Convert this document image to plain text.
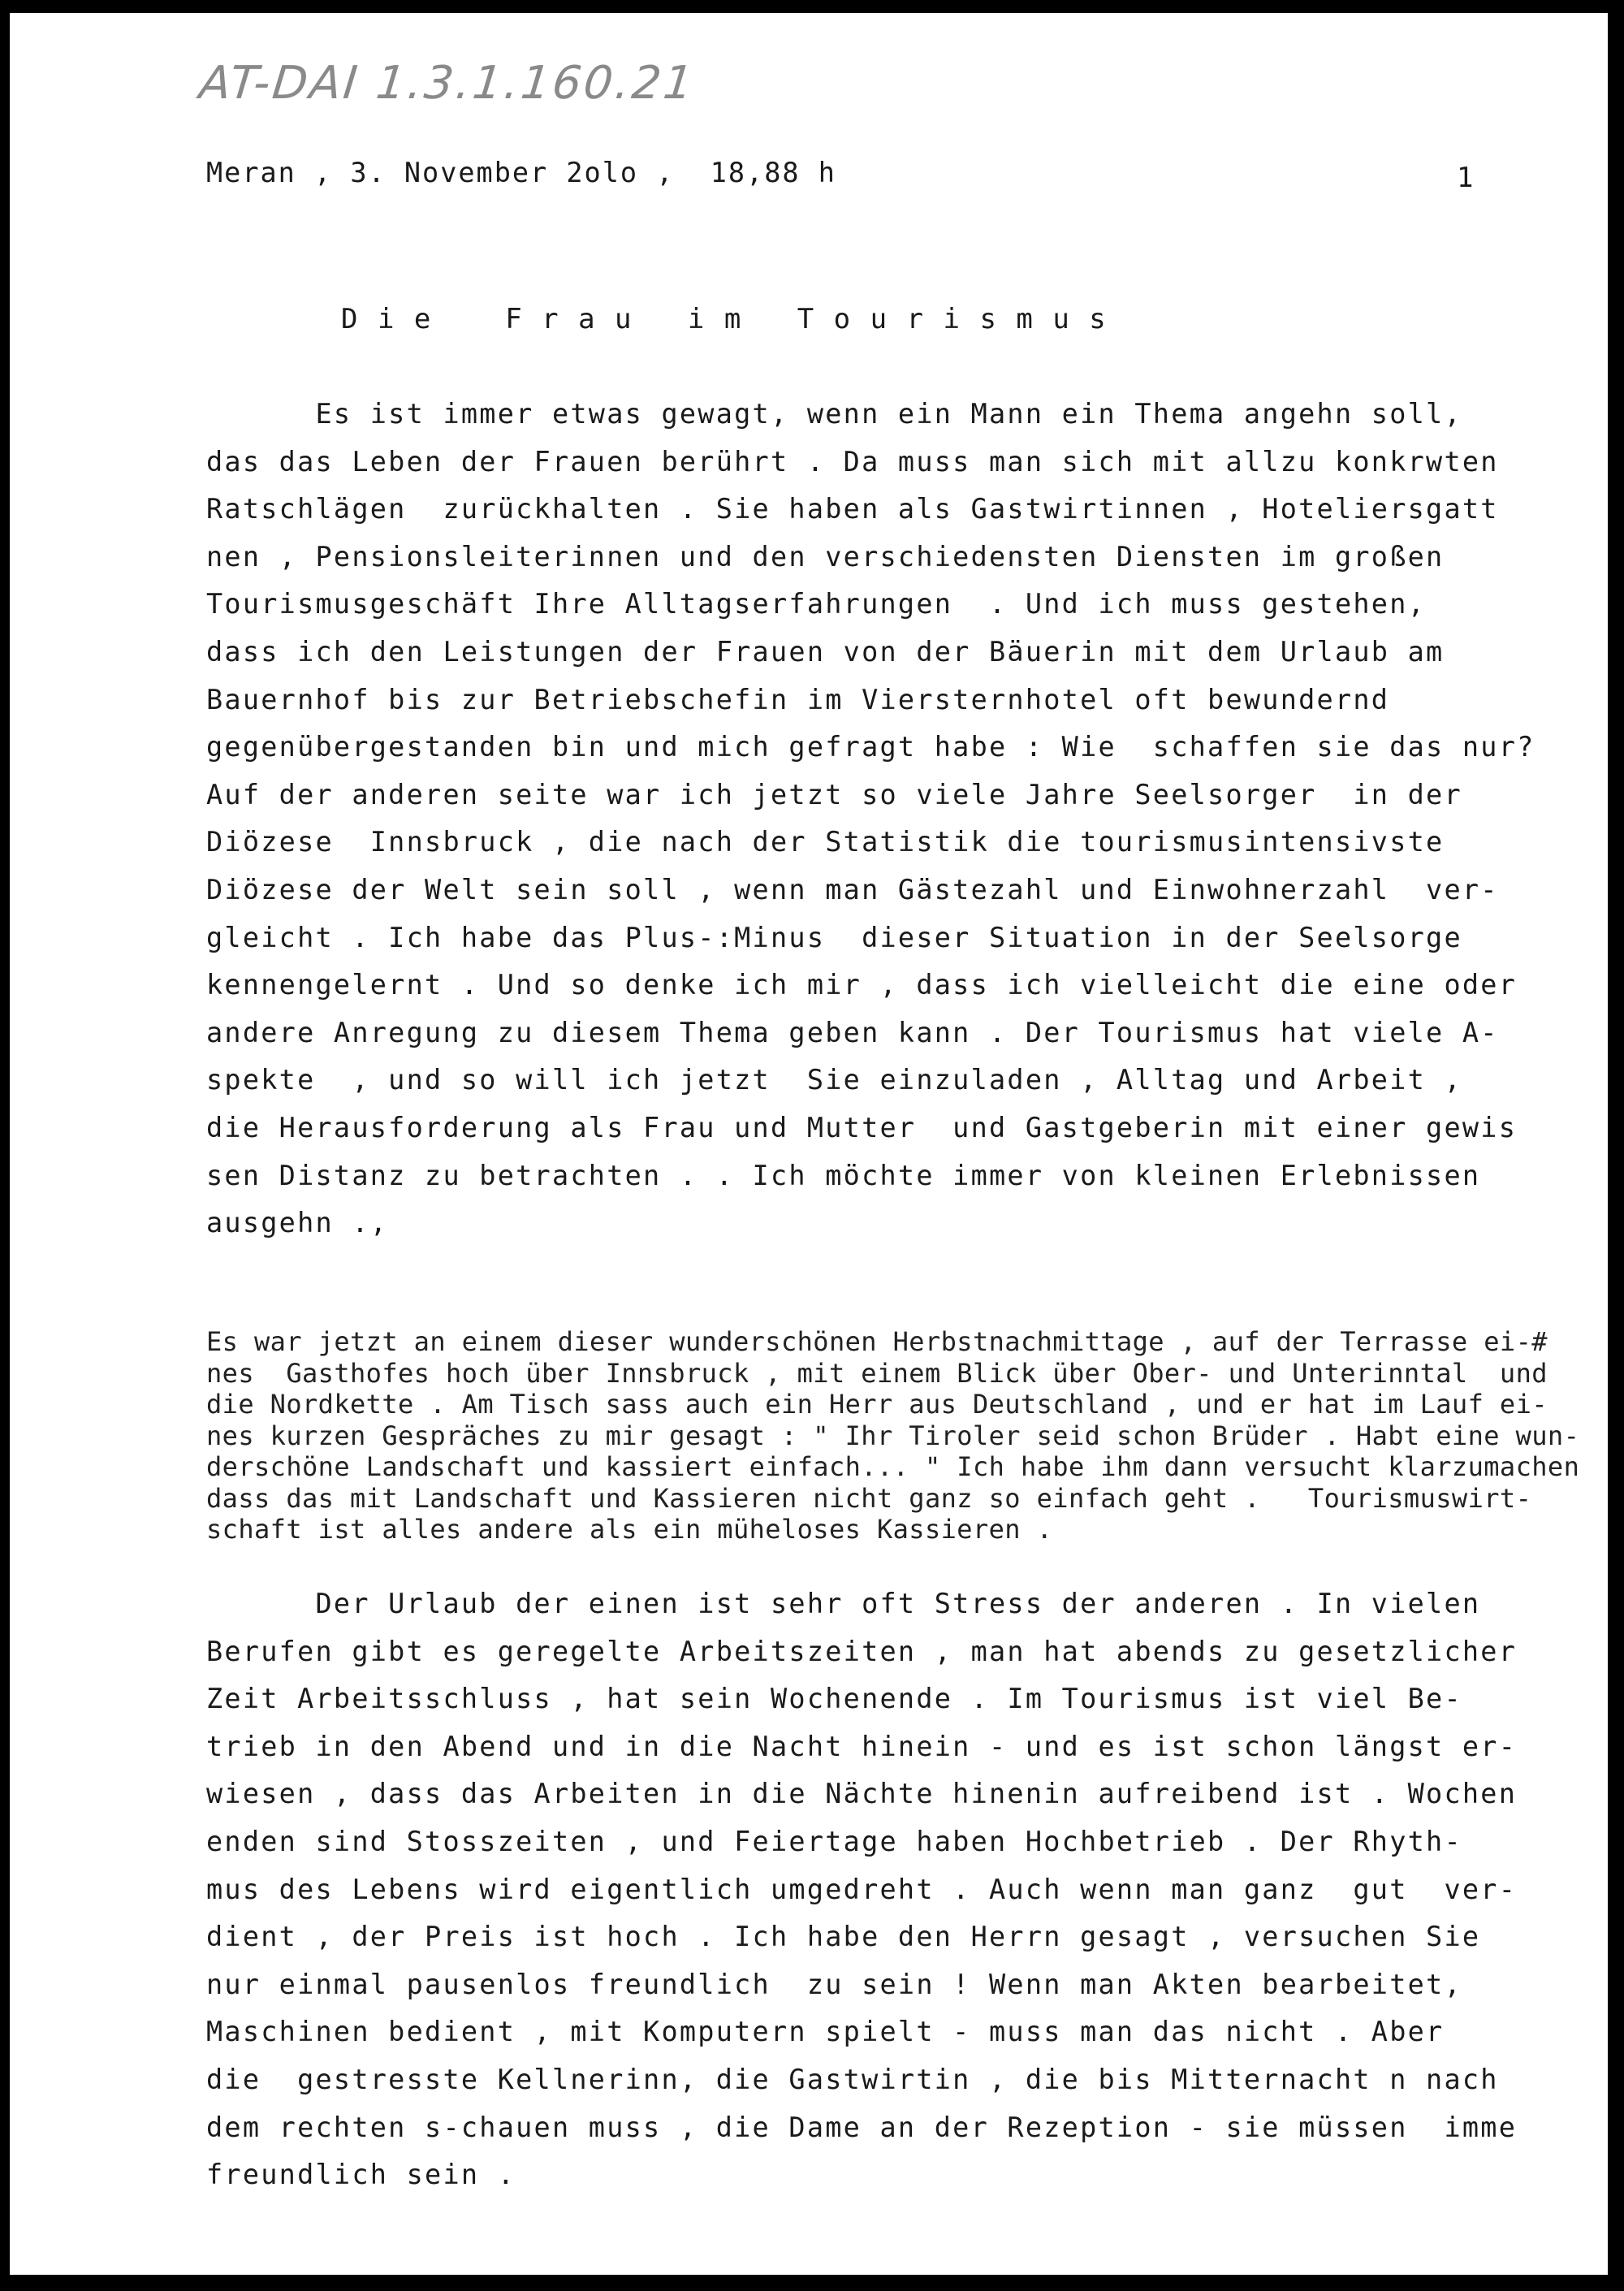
AT-DAI 1.3.1.160.21
Meran , 3. November 2olo ,  18,88 h	1
D i e    F r a u   i m   T o u r i s m u s
Es ist immer etwas gewagt, wenn ein Mann ein Thema angehn soll,
das das Leben der Frauen berührt . Da muss man sich mit allzu konkrwten
Ratschlägen  zurückhalten . Sie haben als Gastwirtinnen , Hoteliersgatt
nen , Pensionsleiterinnen und den verschiedensten Diensten im großen
Tourismusgeschäft Ihre Alltagserfahrungen  . Und ich muss gestehen,
dass ich den Leistungen der Frauen von der Bäuerin mit dem Urlaub am
Bauernhof bis zur Betriebschefin im Viersternhotel oft bewundernd
gegenübergestanden bin und mich gefragt habe : Wie  schaffen sie das nur?
Auf der anderen seite war ich jetzt so viele Jahre Seelsorger  in der
Diözese  Innsbruck , die nach der Statistik die tourismusintensivste
Diözese der Welt sein soll , wenn man Gästezahl und Einwohnerzahl  ver-
gleicht . Ich habe das Plus-:Minus  dieser Situation in der Seelsorge
kennengelernt . Und so denke ich mir , dass ich vielleicht die eine oder
andere Anregung zu diesem Thema geben kann . Der Tourismus hat viele A-
spekte  , und so will ich jetzt  Sie einzuladen , Alltag und Arbeit ,
die Herausforderung als Frau und Mutter  und Gastgeberin mit einer gewis
sen Distanz zu betrachten . . Ich möchte immer von kleinen Erlebnissen
ausgehn .,
Es war jetzt an einem dieser wunderschönen Herbstnachmittage , auf der Terrasse ei-#
nes  Gasthofes hoch über Innsbruck , mit einem Blick über Ober- und Unterinntal  und
die Nordkette . Am Tisch sass auch ein Herr aus Deutschland , und er hat im Lauf ei-
nes kurzen Gespräches zu mir gesagt : " Ihr Tiroler seid schon Brüder . Habt eine wun-
derschöne Landschaft und kassiert einfach... " Ich habe ihm dann versucht klarzumachen
dass das mit Landschaft und Kassieren nicht ganz so einfach geht .   Tourismuswirt-
schaft ist alles andere als ein müheloses Kassieren .
Der Urlaub der einen ist sehr oft Stress der anderen . In vielen
Berufen gibt es geregelte Arbeitszeiten , man hat abends zu gesetzlicher
Zeit Arbeitsschluss , hat sein Wochenende . Im Tourismus ist viel Be-
trieb in den Abend und in die Nacht hinein - und es ist schon längst er-
wiesen , dass das Arbeiten in die Nächte hinenin aufreibend ist . Wochen
enden sind Stosszeiten , und Feiertage haben Hochbetrieb . Der Rhyth-
mus des Lebens wird eigentlich umgedreht . Auch wenn man ganz  gut  ver-
dient , der Preis ist hoch . Ich habe den Herrn gesagt , versuchen Sie
nur einmal pausenlos freundlich  zu sein ! Wenn man Akten bearbeitet,
Maschinen bedient , mit Komputern spielt - muss man das nicht . Aber
die  gestresste Kellnerinn, die Gastwirtin , die bis Mitternacht n nach
dem rechten s-chauen muss , die Dame an der Rezeption - sie müssen  imme
freundlich sein .
